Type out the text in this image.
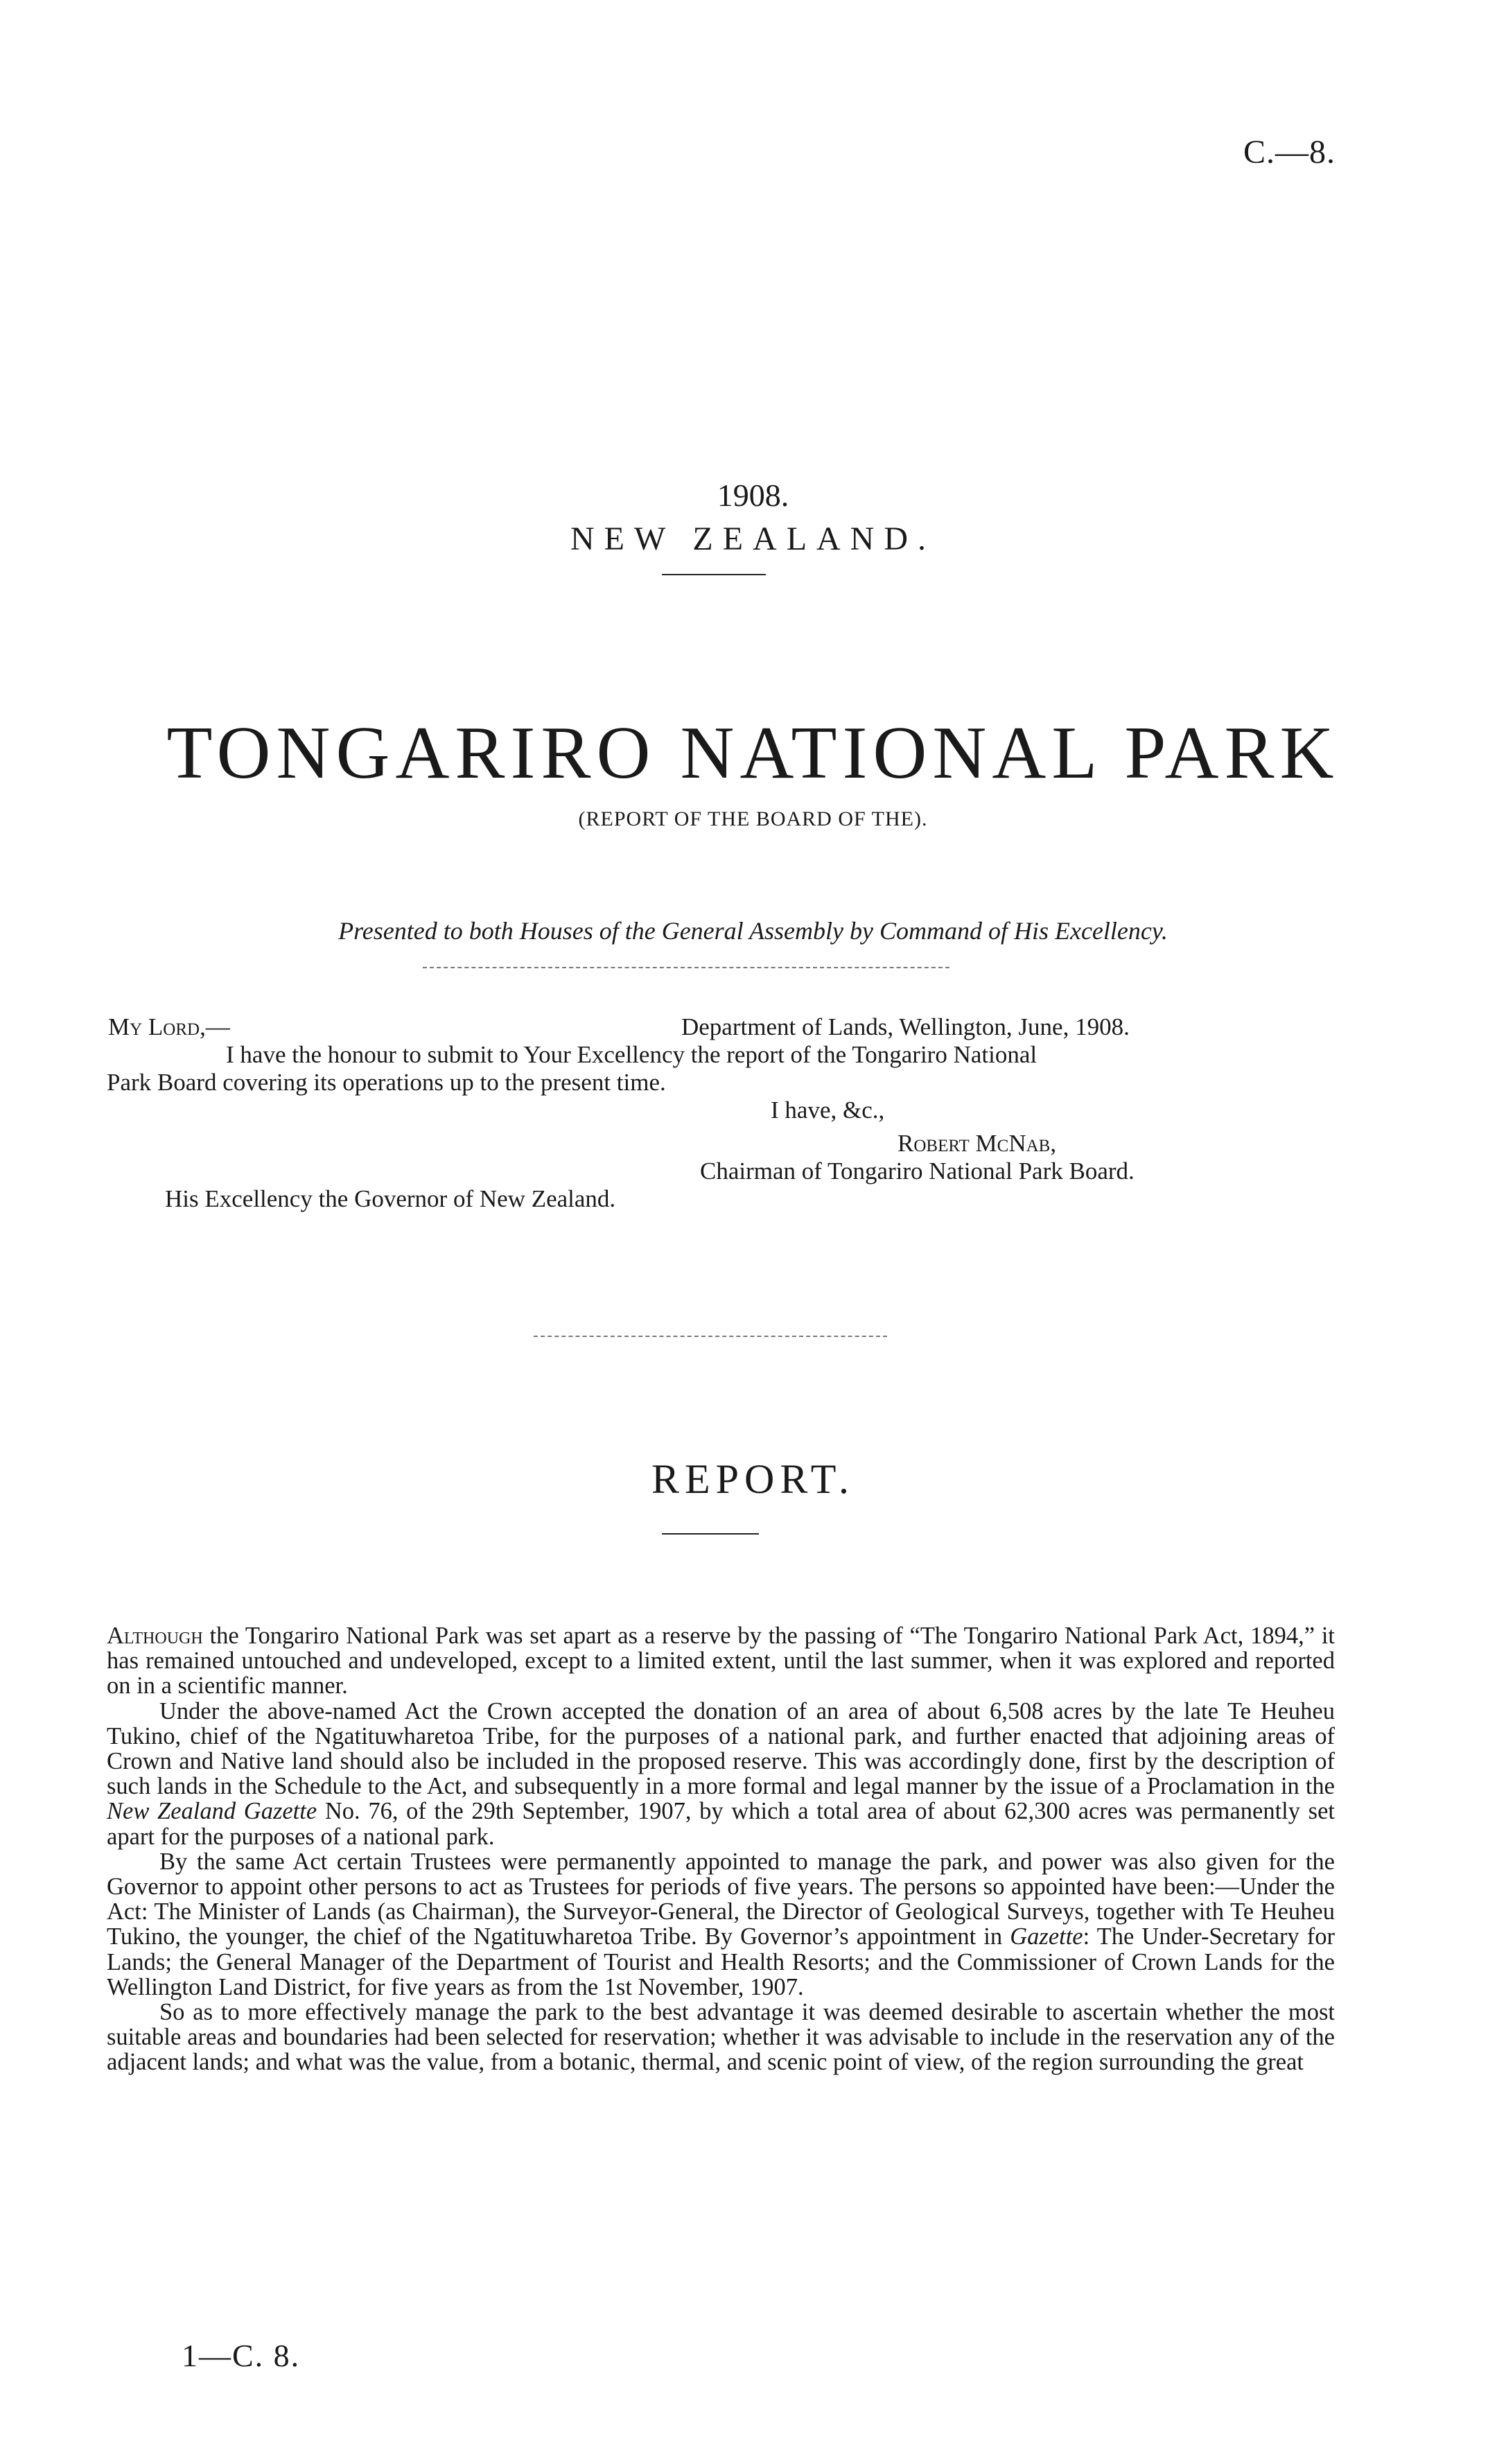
C.—8.
1908.
NEW ZEALAND.
TONGARIRO NATIONAL PARK
(REPORT OF THE BOARD OF THE).
Presented to both Houses of the General Assembly by Command of His Excellency.
My Lord,—	Department of Lands, Wellington, June, 1908.
I have the honour to submit to Your Excellency the report of the Tongariro National
Park Board covering its operations up to the present time.
I have, &c.,
Robert McNab,
Chairman of Tongariro National Park Board.
His Excellency the Governor of New Zealand.
REPORT.

Although the Tongariro National Park was set apart as a reserve by the passing of “The Tongariro National Park Act, 1894,” it has remained untouched and undeveloped, except to a limited extent, until the last summer, when it was explored and reported on in a scientific manner.

Under the above-named Act the Crown accepted the donation of an area of about 6,508 acres by the late Te Heuheu Tukino, chief of the Ngatituwharetoa Tribe, for the purposes of a national park, and further enacted that adjoining areas of Crown and Native land should also be included in the proposed reserve. This was accordingly done, first by the description of such lands in the Schedule to the Act, and subsequently in a more formal and legal manner by the issue of a Proclamation in the New Zealand Gazette No. 76, of the 29th September, 1907, by which a total area of about 62,300 acres was permanently set apart for the purposes of a national park.

By the same Act certain Trustees were permanently appointed to manage the park, and power was also given for the Governor to appoint other persons to act as Trustees for periods of five years. The persons so appointed have been:—Under the Act: The Minister of Lands (as Chairman), the Surveyor-General, the Director of Geological Surveys, together with Te Heuheu Tukino, the younger, the chief of the Ngatituwharetoa Tribe. By Governor’s appointment in Gazette: The Under-Secretary for Lands; the General Manager of the Department of Tourist and Health Resorts; and the Commissioner of Crown Lands for the Wellington Land District, for five years as from the 1st November, 1907.

So as to more effectively manage the park to the best advantage it was deemed desirable to ascertain whether the most suitable areas and boundaries had been selected for reservation; whether it was advisable to include in the reservation any of the adjacent lands; and what was the value, from a botanic, thermal, and scenic point of view, of the region surrounding the great

1—C. 8.
